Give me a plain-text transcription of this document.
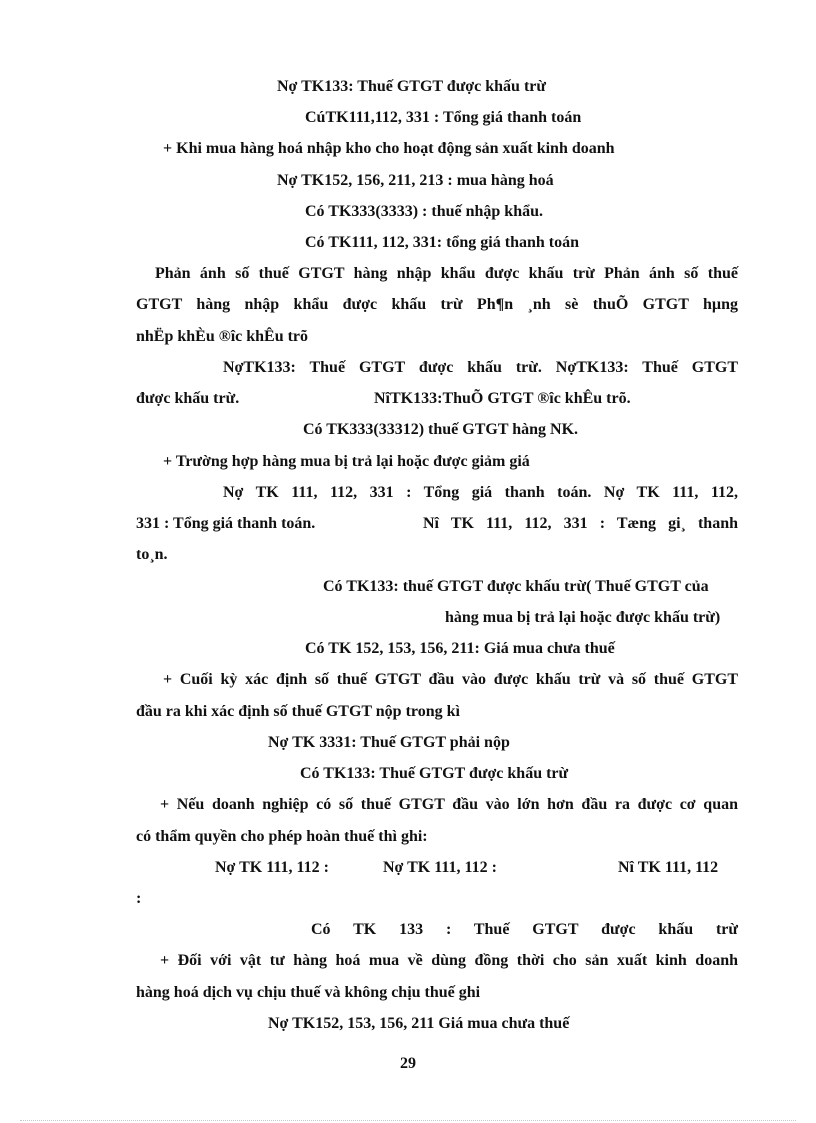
Nợ TK133: Thuế GTGT được khấu trừ
CúTK111,112, 331 : Tổng giá thanh toán
+ Khi mua hàng hoá nhập kho cho hoạt động sản xuất kinh doanh
Nợ TK152, 156, 211, 213 : mua hàng hoá
Có TK333(3333) : thuế nhập khẩu.
Có TK111, 112, 331: tổng giá thanh toán
Phản ánh số thuế GTGT hàng nhập khẩu được khấu trừ Phản ánh số thuế
GTGT hàng nhập khẩu được khấu trừ Ph¶n ¸nh sè thuÕ GTGT hµng
nhËp khÈu ®îc khÊu trõ
NợTK133: Thuế GTGT được khấu trừ. NợTK133: Thuế GTGT
được khấu trừ.	NîTK133:ThuÕ GTGT ®îc khÊu trõ.
Có TK333(33312) thuế GTGT hàng NK.
+ Trường hợp hàng mua bị trả lại hoặc được giảm giá
Nợ TK 111, 112, 331 : Tổng giá thanh toán. Nợ TK 111, 112,
331 : Tổng giá thanh toán.	Nî TK 111, 112, 331 : Tæng gi¸ thanh
to¸n.
Có TK133: thuế GTGT được khấu trừ( Thuế GTGT của
hàng mua bị trả lại hoặc được khấu trừ)
Có TK 152, 153, 156, 211: Giá mua chưa thuế
+ Cuối kỳ xác định số thuế GTGT đầu vào được khấu trừ và số thuế GTGT
đầu ra khi xác định số thuế GTGT nộp trong kì
Nợ TK 3331: Thuế GTGT phải nộp
Có TK133: Thuế GTGT được khấu trừ
+ Nếu doanh nghiệp có số thuế GTGT đầu vào lớn hơn đầu ra được cơ quan
có thẩm quyền cho phép hoàn thuế thì ghi:
Nợ TK 111, 112 :	Nợ TK 111, 112 :	Nî TK 111, 112
:
Có TK 133 : Thuế GTGT được khấu trừ
+ Đối với vật tư hàng hoá mua về dùng đồng thời cho sản xuất kinh doanh
hàng hoá dịch vụ chịu thuế và không chịu thuế ghi
Nợ TK152, 153, 156, 211 Giá mua chưa thuế
29
